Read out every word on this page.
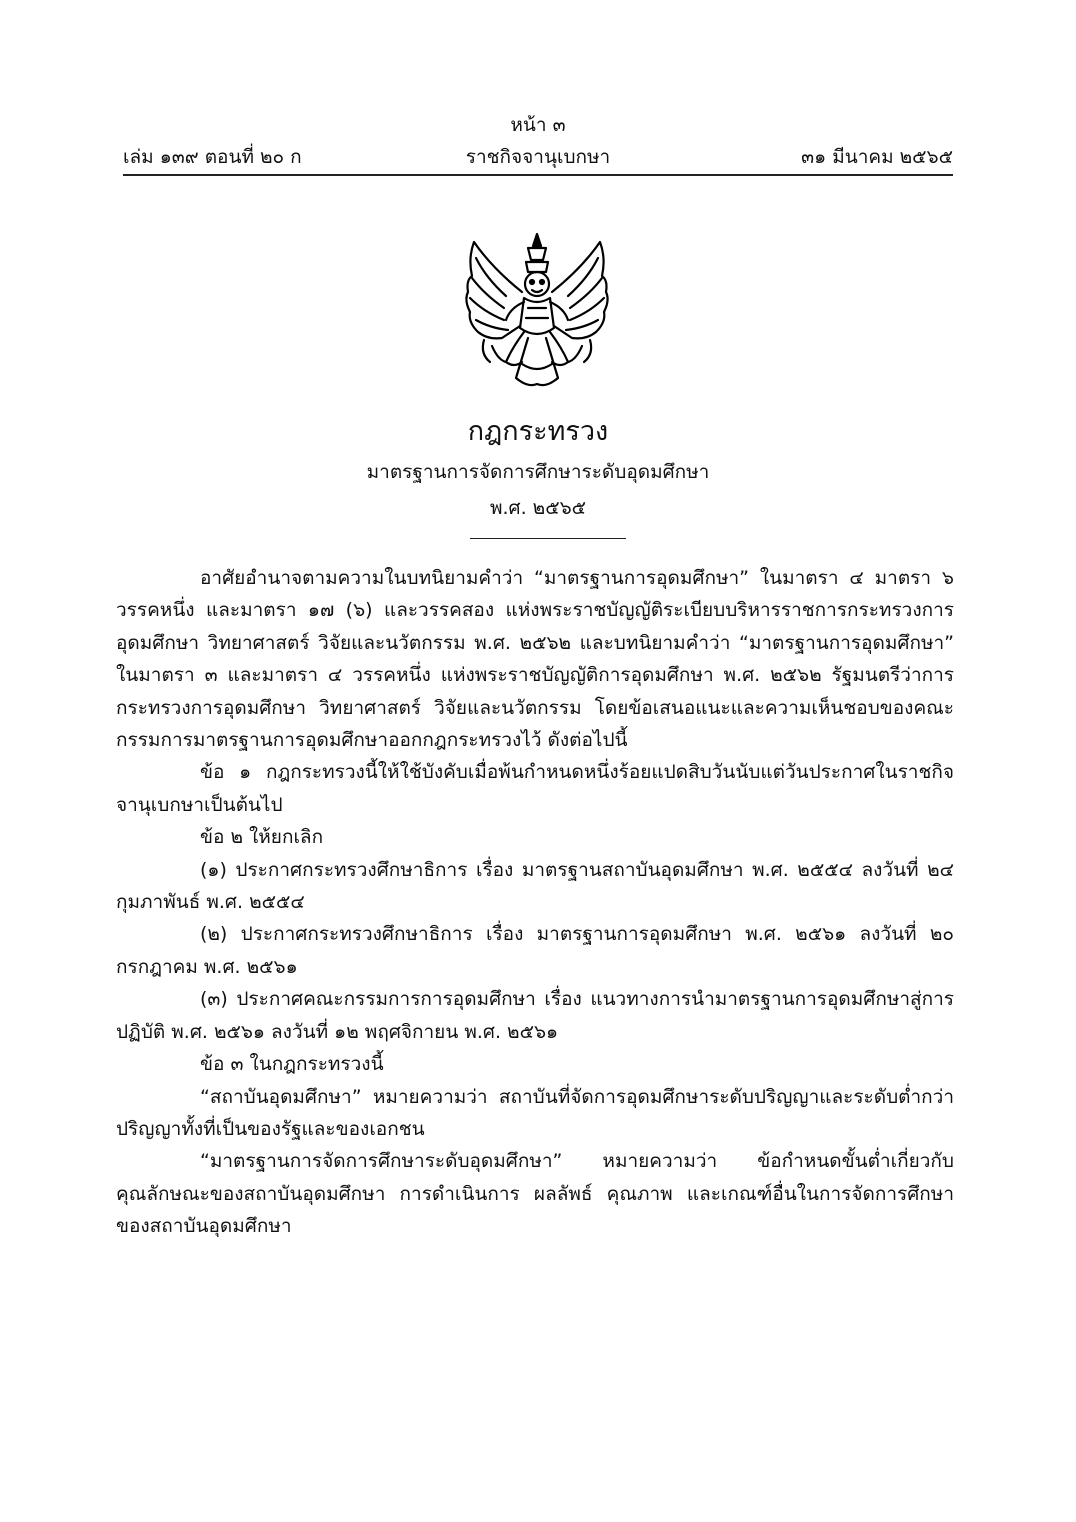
หน้า ๓
เล่ม ๑๓๙ ตอนที่ ๒๐ ก	ราชกิจจานุเบกษา	๓๑ มีนาคม ๒๕๖๕
กฎกระทรวง
มาตรฐานการจัดการศึกษาระดับอุดมศึกษา
พ.ศ. ๒๕๖๕

อาศัยอำนาจตามความในบทนิยามคำว่า “มาตรฐานการอุดมศึกษา” ในมาตรา ๔ มาตรา ๖ วรรคหนึ่ง และมาตรา ๑๗ (๖) และวรรคสอง แห่งพระราชบัญญัติระเบียบบริหารราชการกระทรวงการอุดมศึกษา วิทยาศาสตร์ วิจัยและนวัตกรรม พ.ศ. ๒๕๖๒ และบทนิยามคำว่า “มาตรฐานการอุดมศึกษา” ในมาตรา ๓ และมาตรา ๔ วรรคหนึ่ง แห่งพระราชบัญญัติการอุดมศึกษา พ.ศ. ๒๕๖๒ รัฐมนตรีว่าการกระทรวงการอุดมศึกษา วิทยาศาสตร์ วิจัยและนวัตกรรม โดยข้อเสนอแนะและความเห็นชอบของคณะกรรมการมาตรฐานการอุดมศึกษาออกกฎกระทรวงไว้ ดังต่อไปนี้

ข้อ ๑ กฎกระทรวงนี้ให้ใช้บังคับเมื่อพ้นกำหนดหนึ่งร้อยแปดสิบวันนับแต่วันประกาศในราชกิจจานุเบกษาเป็นต้นไป

ข้อ ๒ ให้ยกเลิก

(๑) ประกาศกระทรวงศึกษาธิการ เรื่อง มาตรฐานสถาบันอุดมศึกษา พ.ศ. ๒๕๕๔ ลงวันที่ ๒๔ กุมภาพันธ์ พ.ศ. ๒๕๕๔

(๒) ประกาศกระทรวงศึกษาธิการ เรื่อง มาตรฐานการอุดมศึกษา พ.ศ. ๒๕๖๑ ลงวันที่ ๒๐ กรกฎาคม พ.ศ. ๒๕๖๑

(๓) ประกาศคณะกรรมการการอุดมศึกษา เรื่อง แนวทางการนำมาตรฐานการอุดมศึกษาสู่การปฏิบัติ พ.ศ. ๒๕๖๑ ลงวันที่ ๑๒ พฤศจิกายน พ.ศ. ๒๕๖๑

ข้อ ๓ ในกฎกระทรวงนี้

“สถาบันอุดมศึกษา” หมายความว่า สถาบันที่จัดการอุดมศึกษาระดับปริญญาและระดับต่ำกว่าปริญญาทั้งที่เป็นของรัฐและของเอกชน

“มาตรฐานการจัดการศึกษาระดับอุดมศึกษา” หมายความว่า ข้อกำหนดขั้นต่ำเกี่ยวกับคุณลักษณะของสถาบันอุดมศึกษา การดำเนินการ ผลลัพธ์ คุณภาพ และเกณฑ์อื่นในการจัดการศึกษาของสถาบันอุดมศึกษา
